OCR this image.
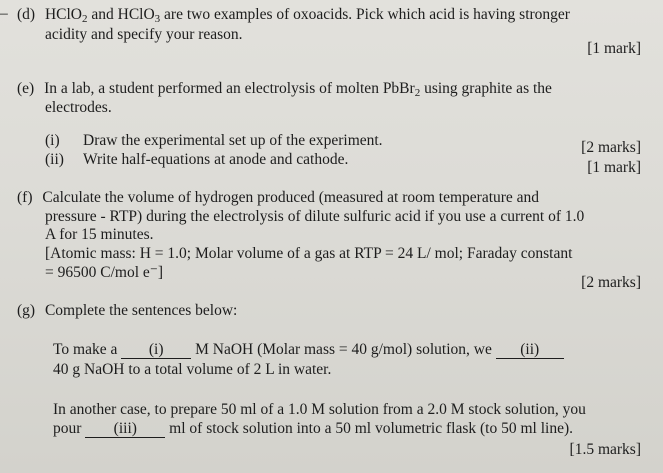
– (d) HClO$_2$ and HClO$_3$ are two examples of oxoacids. Pick which acid is having stronger
acidity and specify your reason.
[1 mark]
(e) In a lab, a student performed an electrolysis of molten PbBr$_2$ using graphite as the
electrodes.
(i) Draw the experimental set up of the experiment.	[2 marks]
(ii) Write half-equations at anode and cathode.	[1 mark]
(f) Calculate the volume of hydrogen produced (measured at room temperature and
pressure - RTP) during the electrolysis of dilute sulfuric acid if you use a current of 1.0
A for 15 minutes.
[Atomic mass: H = 1.0; Molar volume of a gas at RTP = 24 L/ mol; Faraday constant
= 96500 C/mol e⁻]
[2 marks]
(g) Complete the sentences below:
To make a (i) M NaOH (Molar mass = 40 g/mol) solution, we (ii)
40 g NaOH to a total volume of 2 L in water.
In another case, to prepare 50 ml of a 1.0 M solution from a 2.0 M stock solution, you
pour (iii) ml of stock solution into a 50 ml volumetric flask (to 50 ml line).
[1.5 marks]
